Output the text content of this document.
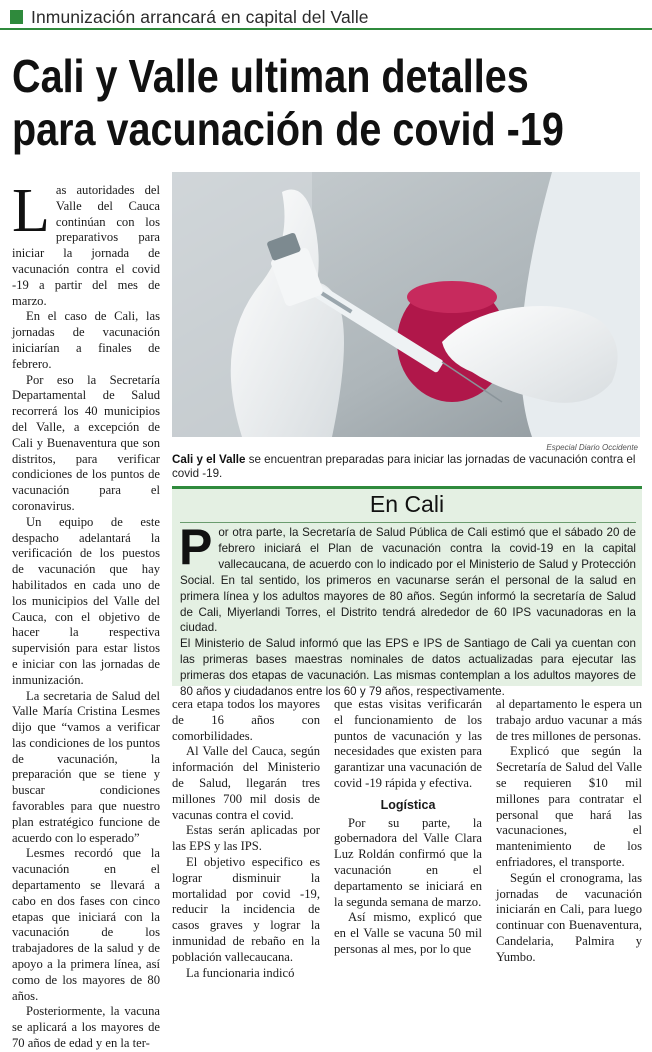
Inmunización arrancará en capital del Valle
Cali y Valle ultiman detalles
para vacunación de covid -19
L as autoridades del Valle del Cauca continúan con los preparativos para iniciar la jornada de vacunación contra el covid -19 a partir del mes de marzo.

En el caso de Cali, las jornadas de vacunación iniciarían a finales de febrero.

Por eso la Secretaría Departamental de Salud recorrerá los 40 municipios del Valle, a excepción de Cali y Buenaventura que son distritos, para verificar condiciones de los puntos de vacunación para el coronavirus.

Un equipo de este despacho adelantará la verificación de los puestos de vacunación que hay habilitados en cada uno de los municipios del Valle del Cauca, con el objetivo de hacer la respectiva supervisión para estar listos e iniciar con las jornadas de inmunización.

La secretaria de Salud del Valle María Cristina Lesmes dijo que “vamos a verificar las condiciones de los puntos de vacunación, la preparación que se tiene y buscar condiciones favorables para que nuestro plan estratégico funcione de acuerdo con lo esperado”

Lesmes recordó que la vacunación en el departamento se llevará a cabo en dos fases con cinco etapas que iniciará con la vacunación de los trabajadores de la salud y de apoyo a la primera línea, así como de los mayores de 80 años.

Posteriormente, la vacuna se aplicará a los mayores de 70 años de edad y en la ter-

Especial Diario Occidente
Cali y el Valle se encuentran preparadas para iniciar las jornadas de vacunación contra el covid -19.
En Cali
P or otra parte, la Secretaría de Salud Pública de Cali estimó que el sábado 20 de febrero iniciará el Plan de vacunación contra la covid-19 en la capital vallecaucana, de acuerdo con lo indicado por el Ministerio de Salud y Protección Social. En tal sentido, los primeros en vacunarse serán el personal de la salud en primera línea y los adultos mayores de 80 años. Según informó la secretaría de Salud de Cali, Miyerlandi Torres, el Distrito tendrá alrededor de 60 IPS vacunadoras en la ciudad.

El Ministerio de Salud informó que las EPS e IPS de Santiago de Cali ya cuentan con las primeras bases maestras nominales de datos actualizadas para ejecutar las primeras dos etapas de vacunación. Las mismas contemplan a los adultos mayores de 80 años y ciudadanos entre los 60 y 79 años, respectivamente.

cera etapa todos los mayores de 16 años con comorbilidades.

Al Valle del Cauca, según información del Ministerio de Salud, llegarán tres millones 700 mil dosis de vacunas contra el covid.

Estas serán aplicadas por las EPS y las IPS.

El objetivo especifico es lograr disminuir la mortalidad por covid -19, reducir la incidencia de casos graves y lograr la inmunidad de rebaño en la población vallecaucana.

La funcionaria indicó

que estas visitas verificarán el funcionamiento de los puntos de vacunación y las necesidades que existen para garantizar una vacunación de covid -19 rápida y efectiva.

Logística

Por su parte, la gobernadora del Valle Clara Luz Roldán confirmó que la vacunación en el departamento se iniciará en la segunda semana de marzo.

Así mismo, explicó que en el Valle se vacuna 50 mil personas al mes, por lo que

al departamento le espera un trabajo arduo vacunar a más de tres millones de personas.

Explicó que según la Secretaría de Salud del Valle se requieren $10 mil millones para contratar el personal que hará las vacunaciones, el mantenimiento de los enfriadores, el transporte.

Según el cronograma, las jornadas de vacunación iniciarán en Cali, para luego continuar con Buenaventura, Candelaria, Palmira y Yumbo.
